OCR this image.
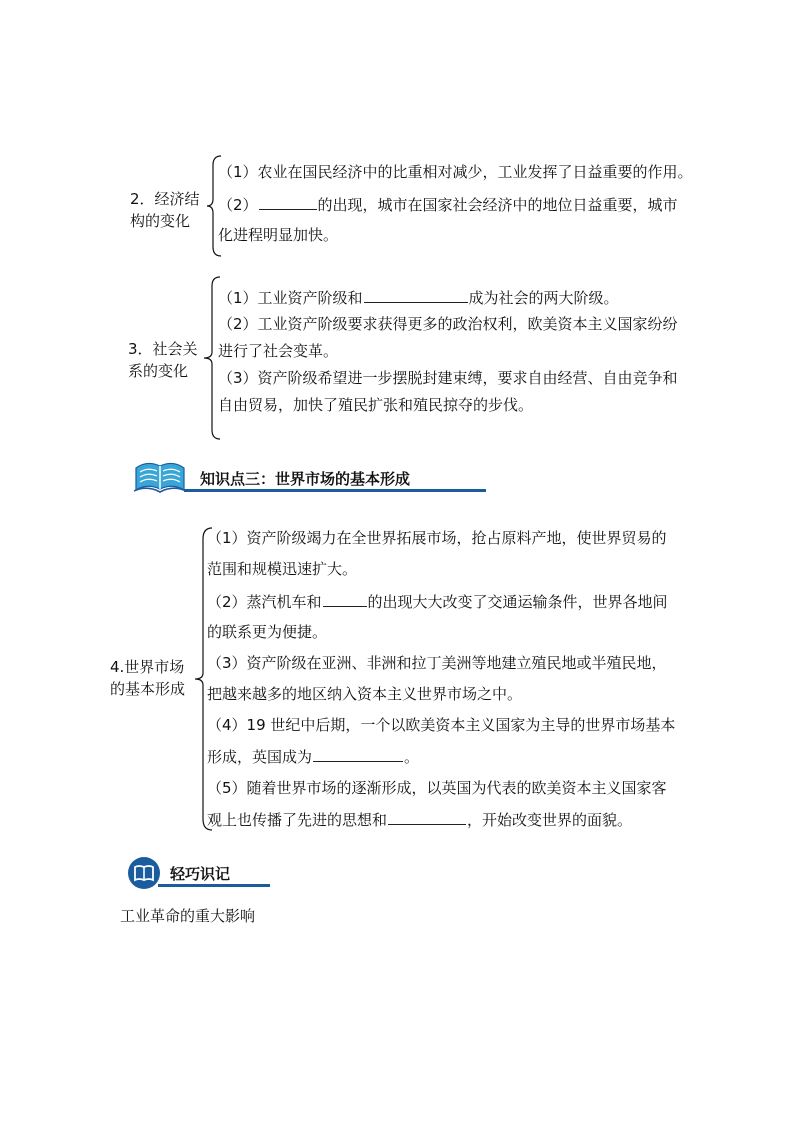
2．经济结
构的变化
（1）农业在国民经济中的比重相对减少，工业发挥了日益重要的作用。
（2）	的出现，城市在国家社会经济中的地位日益重要，城市
化进程明显加快。
3．社会关
系的变化
（1）工业资产阶级和	成为社会的两大阶级。
（2）工业资产阶级要求获得更多的政治权利，欧美资本主义国家纷纷
进行了社会变革。
（3）资产阶级希望进一步摆脱封建束缚，要求自由经营、自由竞争和
自由贸易，加快了殖民扩张和殖民掠夺的步伐。
知识点三：世界市场的基本形成
4.世界市场
的基本形成
（1）资产阶级竭力在全世界拓展市场，抢占原料产地，使世界贸易的
范围和规模迅速扩大。
（2）蒸汽机车和	的出现大大改变了交通运输条件，世界各地间
的联系更为便捷。
（3）资产阶级在亚洲、非洲和拉丁美洲等地建立殖民地或半殖民地，
把越来越多的地区纳入资本主义世界市场之中。
（4）19 世纪中后期，一个以欧美资本主义国家为主导的世界市场基本
形成，英国成为	。
（5）随着世界市场的逐渐形成，以英国为代表的欧美资本主义国家客
观上也传播了先进的思想和	，开始改变世界的面貌。
轻巧识记
工业革命的重大影响
